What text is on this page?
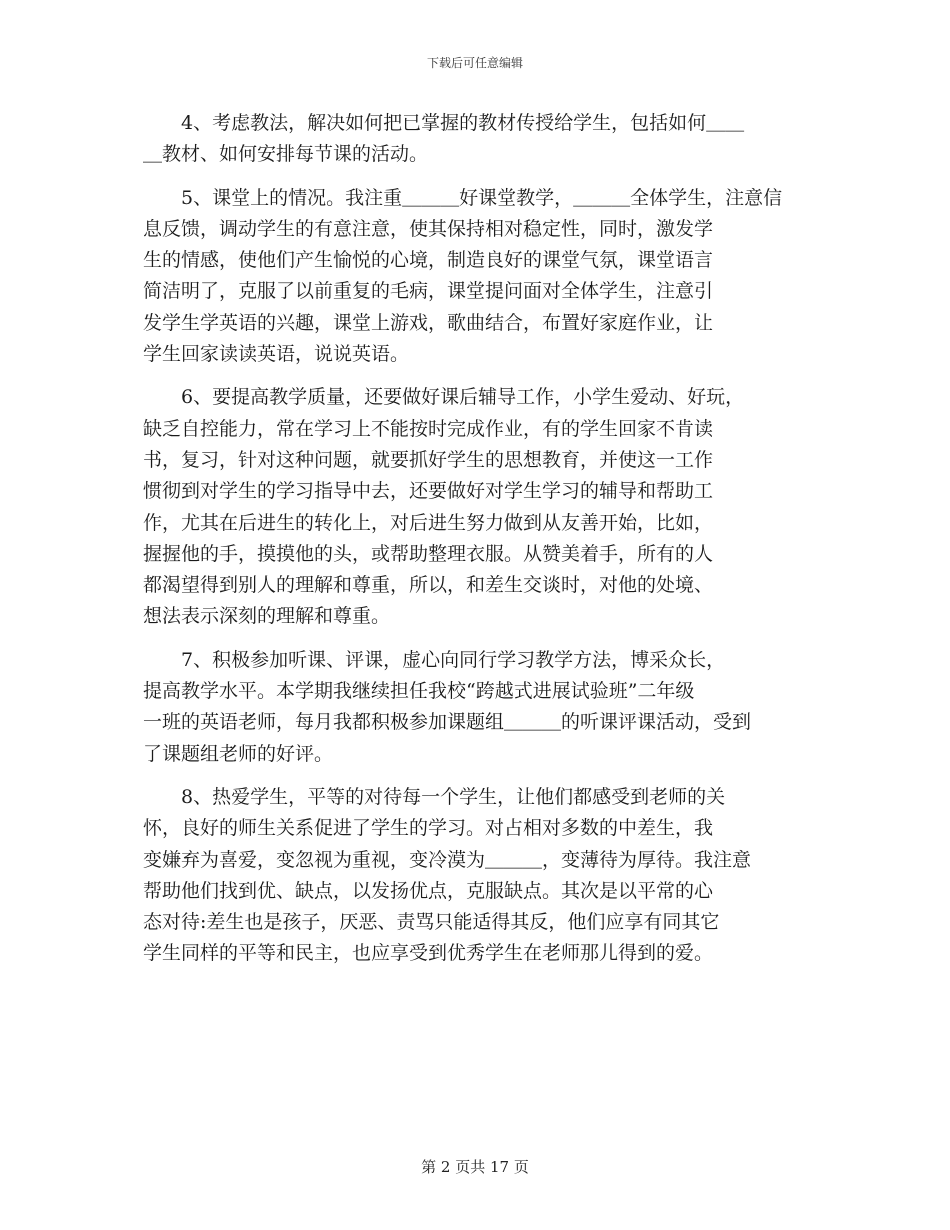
下载后可任意编辑
　　4、考虑教法，解决如何把已掌握的教材传授给学生，包括如何＿＿
＿教材、如何安排每节课的活动。
　　5、课堂上的情况。我注重＿＿＿好课堂教学，＿＿＿全体学生，注意信
息反馈，调动学生的有意注意，使其保持相对稳定性，同时，激发学
生的情感，使他们产生愉悦的心境，制造良好的课堂气氛，课堂语言
简洁明了，克服了以前重复的毛病，课堂提问面对全体学生，注意引
发学生学英语的兴趣，课堂上游戏，歌曲结合，布置好家庭作业，让
学生回家读读英语，说说英语。
　　6、要提高教学质量，还要做好课后辅导工作，小学生爱动、好玩，
缺乏自控能力，常在学习上不能按时完成作业，有的学生回家不肯读
书，复习，针对这种问题，就要抓好学生的思想教育，并使这一工作
惯彻到对学生的学习指导中去，还要做好对学生学习的辅导和帮助工
作，尤其在后进生的转化上，对后进生努力做到从友善开始，比如，
握握他的手，摸摸他的头，或帮助整理衣服。从赞美着手，所有的人
都渴望得到别人的理解和尊重，所以，和差生交谈时，对他的处境、
想法表示深刻的理解和尊重。
　　7、积极参加听课、评课，虚心向同行学习教学方法，博采众长，
提高教学水平。本学期我继续担任我校“跨越式进展试验班”二年级
一班的英语老师，每月我都积极参加课题组＿＿＿的听课评课活动，受到
了课题组老师的好评。
　　8、热爱学生，平等的对待每一个学生，让他们都感受到老师的关
怀，良好的师生关系促进了学生的学习。对占相对多数的中差生，我
变嫌弃为喜爱，变忽视为重视，变冷漠为＿＿＿，变薄待为厚待。我注意
帮助他们找到优、缺点，以发扬优点，克服缺点。其次是以平常的心
态对待:差生也是孩子，厌恶、责骂只能适得其反，他们应享有同其它
学生同样的平等和民主，也应享受到优秀学生在老师那儿得到的爱。
第 2 页共 17 页
